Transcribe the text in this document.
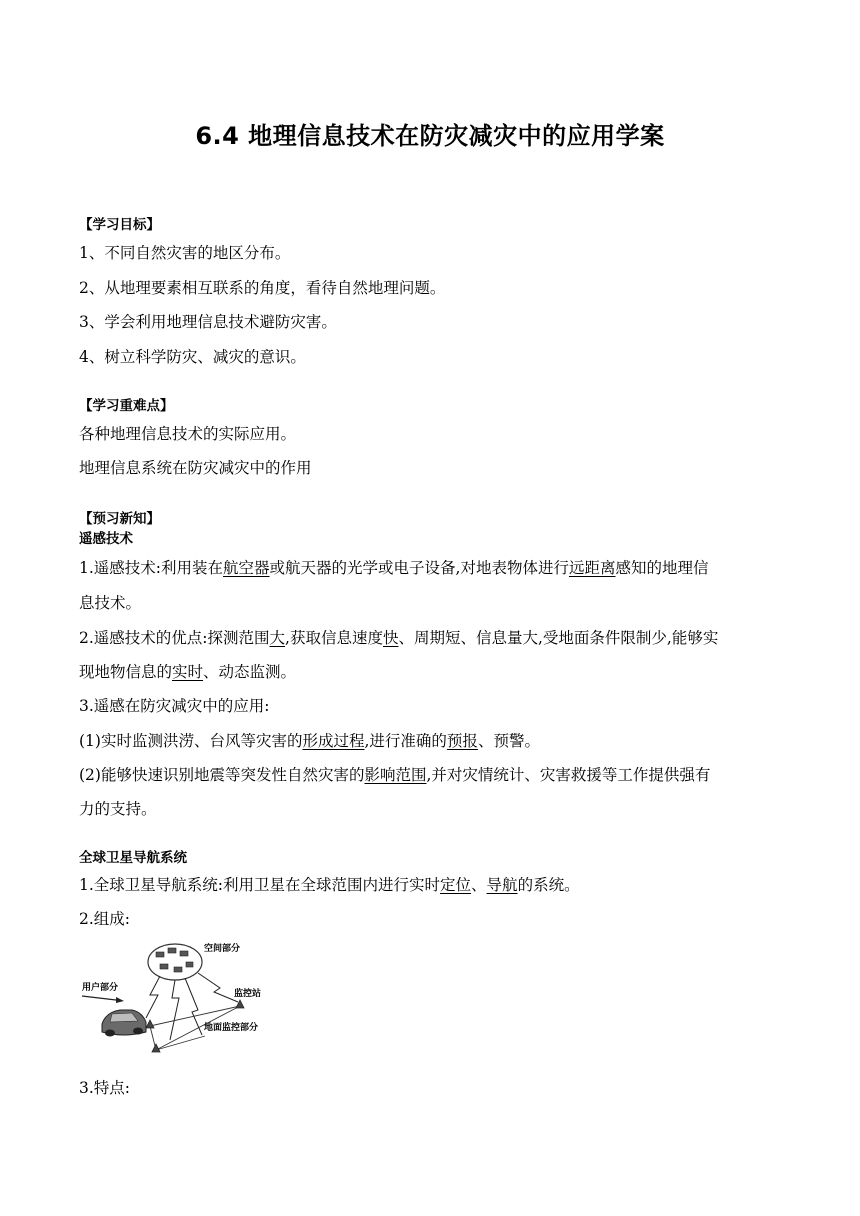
6.4 地理信息技术在防灾减灾中的应用学案
【学习目标】
1、不同自然灾害的地区分布。
2、从地理要素相互联系的角度，看待自然地理问题。
3、学会利用地理信息技术避防灾害。
4、树立科学防灾、减灾的意识。
【学习重难点】
各种地理信息技术的实际应用。
地理信息系统在防灾减灾中的作用
【预习新知】
遥感技术
1.遥感技术:利用装在航空器或航天器的光学或电子设备,对地表物体进行远距离感知的地理信
息技术。
2.遥感技术的优点:探测范围大,获取信息速度快、周期短、信息量大,受地面条件限制少,能够实
现地物信息的实时、动态监测。
3.遥感在防灾减灾中的应用:
(1)实时监测洪涝、台风等灾害的形成过程,进行准确的预报、预警。
(2)能够快速识别地震等突发性自然灾害的影响范围,并对灾情统计、灾害救援等工作提供强有
力的支持。
全球卫星导航系统
1.全球卫星导航系统:利用卫星在全球范围内进行实时定位、导航的系统。
2.组成:
空间部分
监控站
地面监控部分
用户部分
3.特点:
